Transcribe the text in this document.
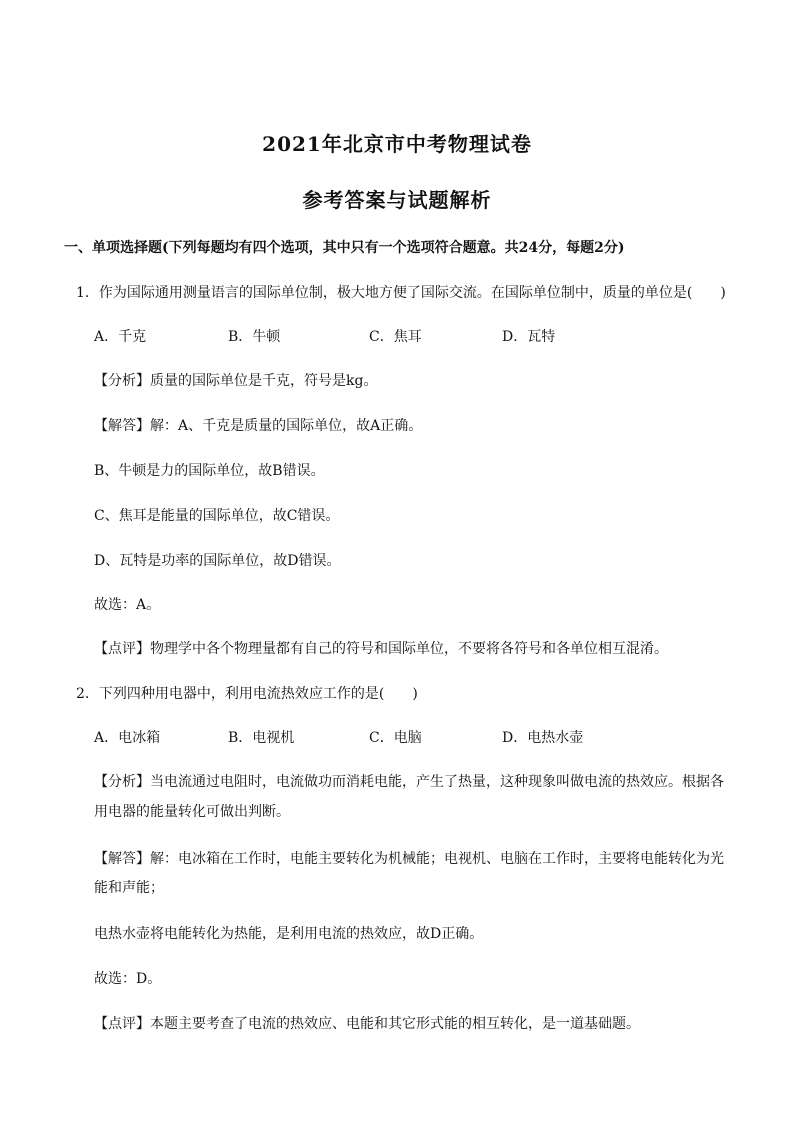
2021年北京市中考物理试卷
参考答案与试题解析
一、单项选择题(下列每题均有四个选项，其中只有一个选项符合题意。共24分，每题2分)
1．作为国际通用测量语言的国际单位制，极大地方便了国际交流。在国际单位制中，质量的单位是(　　)
A．千克	B．牛顿	C．焦耳	D．瓦特
【分析】质量的国际单位是千克，符号是kg。
【解答】解：A、千克是质量的国际单位，故A正确。
B、牛顿是力的国际单位，故B错误。
C、焦耳是能量的国际单位，故C错误。
D、瓦特是功率的国际单位，故D错误。
故选：A。
【点评】物理学中各个物理量都有自己的符号和国际单位，不要将各符号和各单位相互混淆。
2．下列四种用电器中，利用电流热效应工作的是(　　)
A．电冰箱	B．电视机	C．电脑	D．电热水壶
【分析】当电流通过电阻时，电流做功而消耗电能，产生了热量，这种现象叫做电流的热效应。根据各
用电器的能量转化可做出判断。
【解答】解：电冰箱在工作时，电能主要转化为机械能；电视机、电脑在工作时，主要将电能转化为光
能和声能；
电热水壶将电能转化为热能，是利用电流的热效应，故D正确。
故选：D。
【点评】本题主要考查了电流的热效应、电能和其它形式能的相互转化，是一道基础题。
